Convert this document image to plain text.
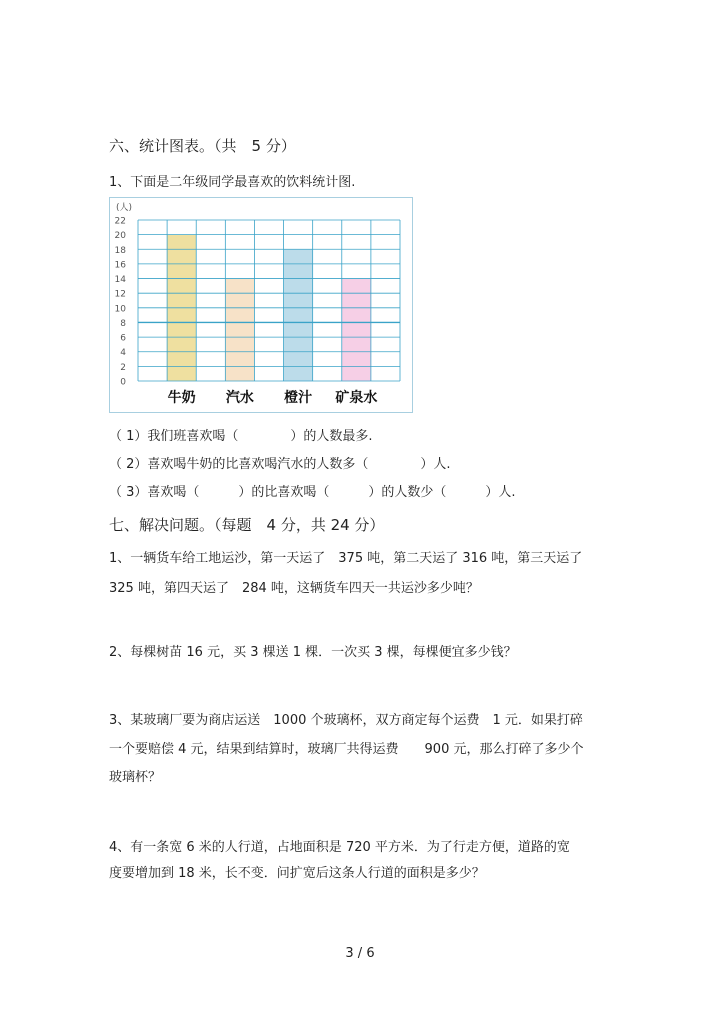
六、统计图表。（共　5 分）
1、下面是二年级同学最喜欢的饮料统计图.
0
2
4
6
8
10
12
14
16
18
20
22
(人)
牛奶 汽水 橙汁 矿泉水
（ 1）我们班喜欢喝（　　　　）的人数最多.
（ 2）喜欢喝牛奶的比喜欢喝汽水的人数多（　　　　）人.
（ 3）喜欢喝（　　　）的比喜欢喝（　　　）的人数少（　　　）人.
七、解决问题。（每题　4 分，共 24 分）
1、一辆货车给工地运沙，第一天运了　375 吨，第二天运了 316 吨，第三天运了
325 吨，第四天运了　284 吨，这辆货车四天一共运沙多少吨？
2、每棵树苗 16 元，买 3 棵送 1 棵．一次买 3 棵，每棵便宜多少钱？
3、某玻璃厂要为商店运送　1000 个玻璃杯，双方商定每个运费　1 元．如果打碎
一个要赔偿 4 元，结果到结算时，玻璃厂共得运费　　900 元，那么打碎了多少个
玻璃杯？
4、有一条宽 6 米的人行道，占地面积是 720 平方米．为了行走方便，道路的宽
度要增加到 18 米，长不变．问扩宽后这条人行道的面积是多少？
3 / 6
